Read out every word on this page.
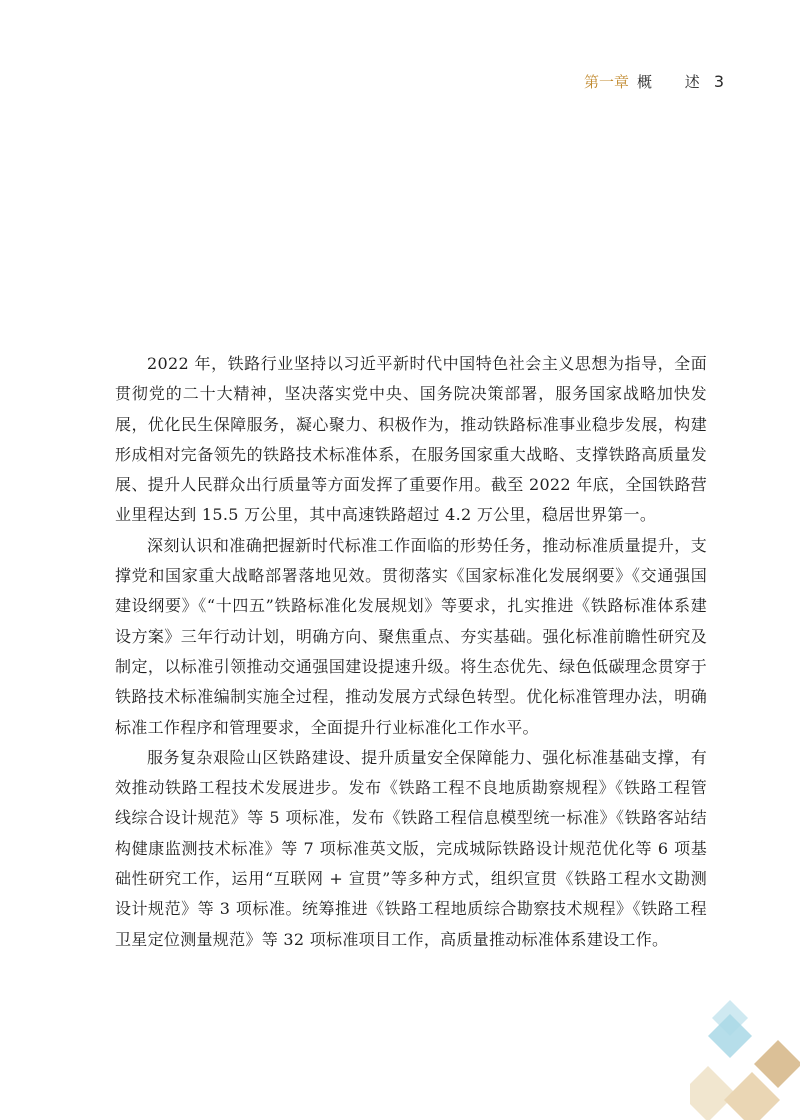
第一章 概 述 3

2022 年，铁路行业坚持以习近平新时代中国特色社会主义思想为指导，全面贯彻党的二十大精神，坚决落实党中央、国务院决策部署，服务国家战略加快发展，优化民生保障服务，凝心聚力、积极作为，推动铁路标准事业稳步发展，构建形成相对完备领先的铁路技术标准体系，在服务国家重大战略、支撑铁路高质量发展、提升人民群众出行质量等方面发挥了重要作用。截至 2022 年底，全国铁路营业里程达到 15.5 万公里，其中高速铁路超过 4.2 万公里，稳居世界第一。

深刻认识和准确把握新时代标准工作面临的形势任务，推动标准质量提升，支撑党和国家重大战略部署落地见效。贯彻落实《国家标准化发展纲要》《交通强国建设纲要》《“十四五”铁路标准化发展规划》等要求，扎实推进《铁路标准体系建设方案》三年行动计划，明确方向、聚焦重点、夯实基础。强化标准前瞻性研究及制定，以标准引领推动交通强国建设提速升级。将生态优先、绿色低碳理念贯穿于铁路技术标准编制实施全过程，推动发展方式绿色转型。优化标准管理办法，明确标准工作程序和管理要求，全面提升行业标准化工作水平。

服务复杂艰险山区铁路建设、提升质量安全保障能力、强化标准基础支撑，有效推动铁路工程技术发展进步。发布《铁路工程不良地质勘察规程》《铁路工程管线综合设计规范》等 5 项标准，发布《铁路工程信息模型统一标准》《铁路客站结构健康监测技术标准》等 7 项标准英文版，完成城际铁路设计规范优化等 6 项基础性研究工作，运用“互联网 + 宣贯”等多种方式，组织宣贯《铁路工程水文勘测设计规范》等 3 项标准。统筹推进《铁路工程地质综合勘察技术规程》《铁路工程卫星定位测量规范》等 32 项标准项目工作，高质量推动标准体系建设工作。
